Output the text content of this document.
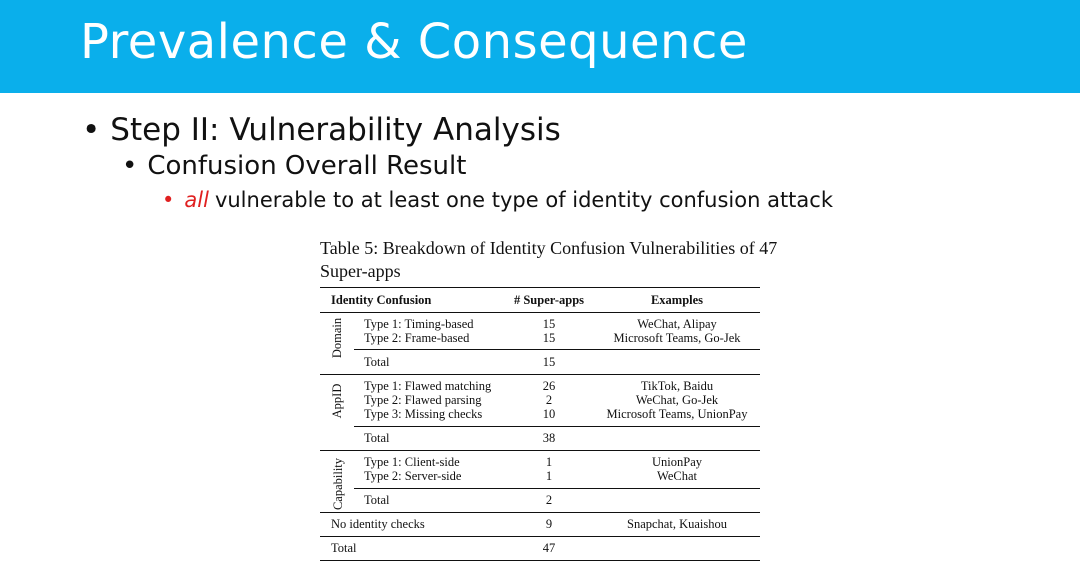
Prevalence & Consequence
• Step II: Vulnerability Analysis
• Confusion Overall Result
• all vulnerable to at least one type of identity confusion attack
Table 5: Breakdown of Identity Confusion Vulnerabilities of 47 Super-apps
Identity Confusion	# Super-apps	Examples
Domain Type 1: Timing-based	15	WeChat, Alipay
Type 2: Frame-based	15	Microsoft Teams, Go-Jek
Total	15
AppID Type 1: Flawed matching	26	TikTok, Baidu
Type 2: Flawed parsing	2	WeChat, Go-Jek
Type 3: Missing checks	10	Microsoft Teams, UnionPay
Total	38
Capability Type 1: Client-side	1	UnionPay
Type 2: Server-side	1	WeChat
Total	2
No identity checks	9	Snapchat, Kuaishou
Total	47
